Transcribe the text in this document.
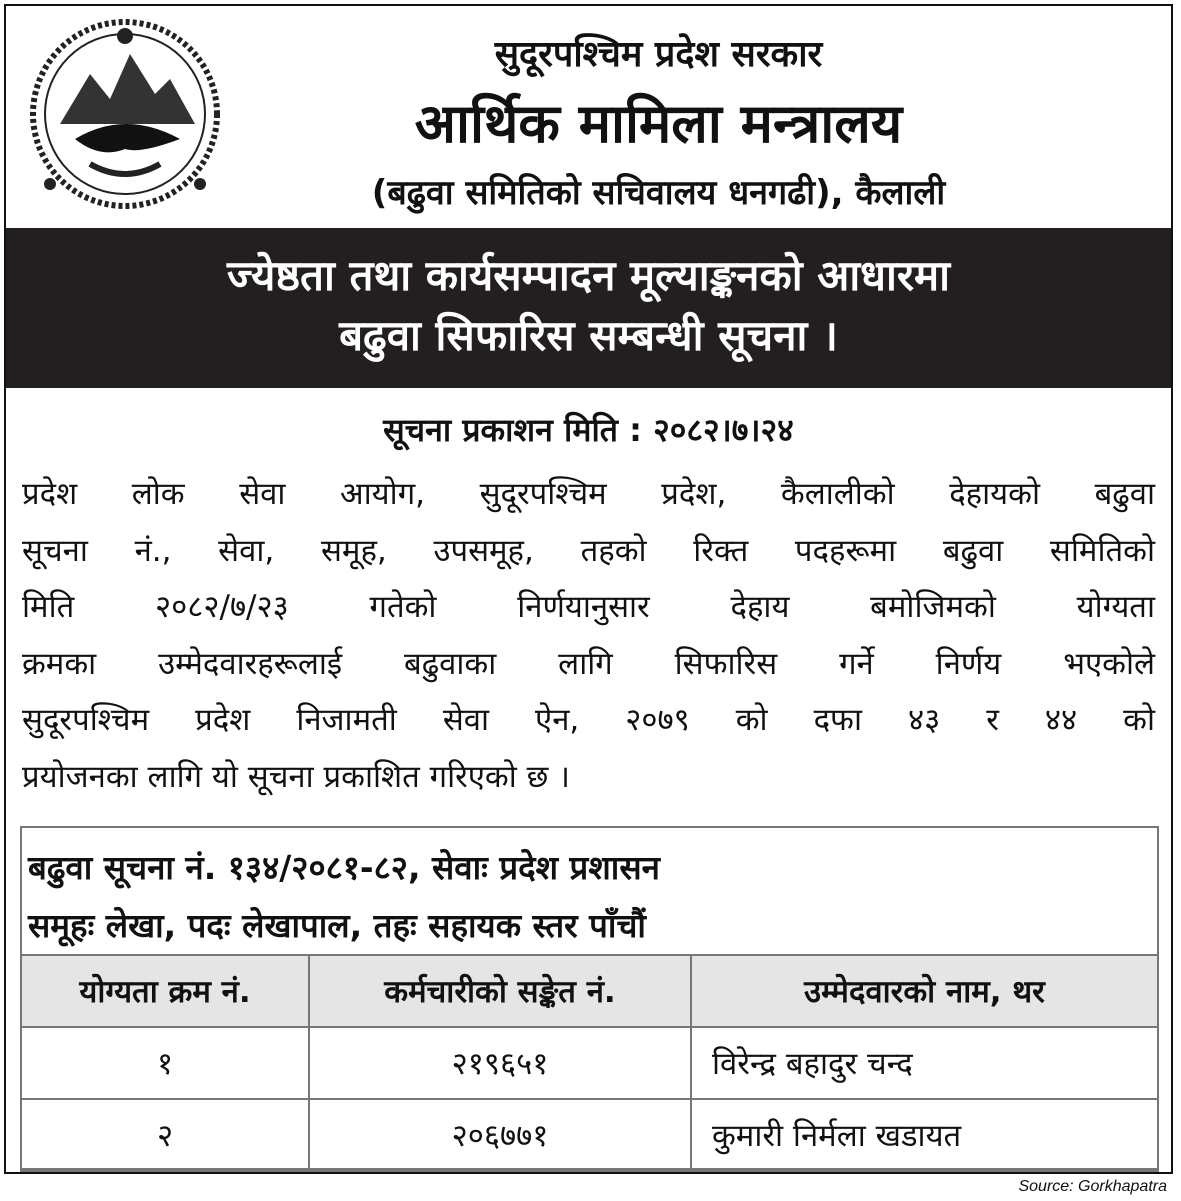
सुदूरपश्चिम प्रदेश सरकार
आर्थिक मामिला मन्त्रालय
(बढुवा समितिको सचिवालय धनगढी), कैलाली
ज्येष्ठता तथा कार्यसम्पादन मूल्याङ्कनको आधारमा
बढुवा सिफारिस सम्बन्धी सूचना ।
सूचना प्रकाशन मिति : २०८२।७।२४
प्रदेश लोक सेवा आयोग, सुदूरपश्चिम प्रदेश, कैलालीको देहायको बढुवा
सूचना नं., सेवा, समूह, उपसमूह, तहको रिक्त पदहरूमा बढुवा समितिको
मिति २०८२/७/२३ गतेको निर्णयानुसार देहाय बमोजिमको योग्यता
क्रमका उम्मेदवारहरूलाई बढुवाका लागि सिफारिस गर्ने निर्णय भएकोले
सुदूरपश्चिम प्रदेश निजामती सेवा ऐन, २०७९ को दफा ४३ र ४४ को
प्रयोजनका लागि यो सूचना प्रकाशित गरिएको छ ।
बढुवा सूचना नं. १३४/२०८१-८२, सेवाः प्रदेश प्रशासन
समूहः लेखा, पदः लेखापाल, तहः सहायक स्तर पाँचौं
योग्यता क्रम नं.	कर्मचारीको सङ्केत नं.	उम्मेदवारको नाम, थर
१	२१९६५१	विरेन्द्र बहादुर चन्द
२	२०६७७१	कुमारी निर्मला खडायत
Source: Gorkhapatra
